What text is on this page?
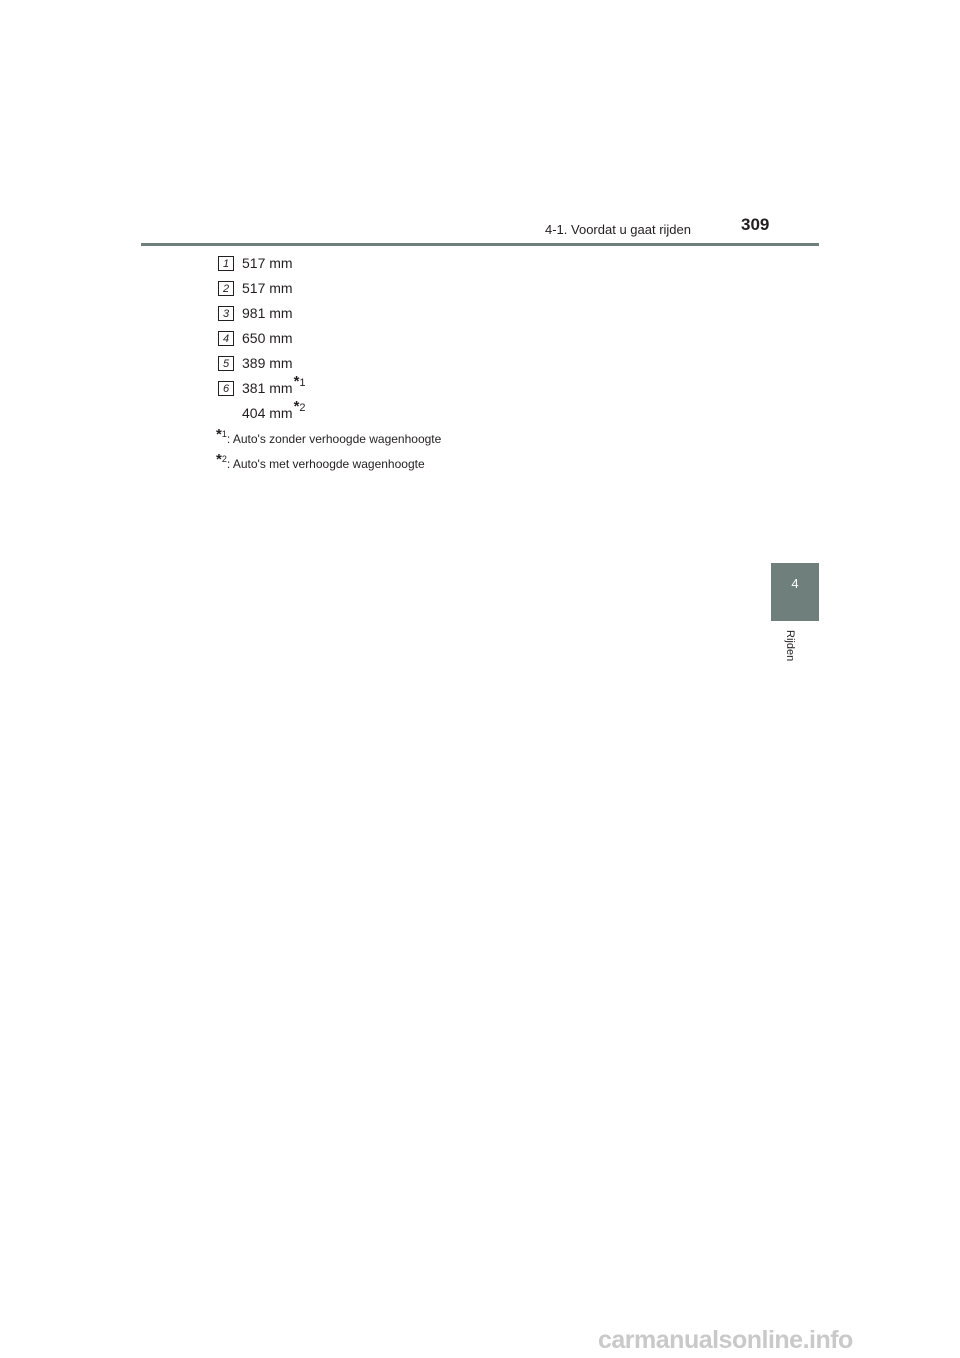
4-1. Voordat u gaat rijden	309
1 517 mm
2 517 mm
3 981 mm
4 650 mm
5 389 mm
6 381 $mm^{*1}$
404 $mm^{*2}$
*$^1$: Auto's zonder verhoogde wagenhoogte
*$^2$: Auto's met verhoogde wagenhoogte
4
Rijden
carmanualsonline.info
